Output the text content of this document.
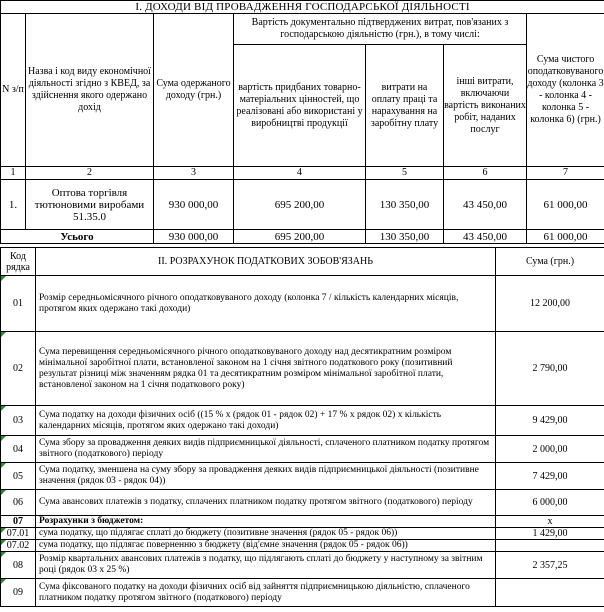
І. ДОХОДИ ВІД ПРОВАДЖЕННЯ ГОСПОДАРСЬКОЇ ДІЯЛЬНОСТІ						
N з/п	Назва і код виду економічної діяльності згідно з КВЕД, за здійснення якого одержано дохід	Сума одержаного доходу (грн.)	Вартість документально підтверджених витрат, пов'язаних з господарською діяльністю (грн.), в тому числі:			Сума чистого оподатковуваного доходу (колонка 3 - колонка 4 - колонка 5 - колонка 6) (грн.)
			вартість придбаних товарно-матеріальних цінностей, що реалізовані або використані у виробництві продукції	витрати на оплату праці та нарахування на заробітну плату	інші витрати, включаючи вартість виконаних робіт, наданих послуг	
1	2	3	4	5	6	7
1.	Оптова торгівля тютюновими виробами 51.35.0	930 000,00	695 200,00	130 350,00	43 450,00	61 000,00
Усього		930 000,00	695 200,00	130 350,00	43 450,00	61 000,00
Код рядка	ІІ. РОЗРАХУНОК ПОДАТКОВИХ ЗОБОВ'ЯЗАНЬ	Сума (грн.)

01	Розмір середньомісячного річного оподатковуваного доходу (колонка 7 / кількість календарних місяців, протягом яких одержано такі доходи)	12 200,00

02	Сума перевищення середньомісячного річного оподатковуваного доходу над десятикратним розміром мінімальної заробітної плати, встановленої законом на 1 січня звітного податкового року (позитивний результат різниці між значенням рядка 01 та десятикратним розміром мінімальної заробітної плати, встановленої законом на 1 січня податкового року)	2 790,00

03	Сума податку на доходи фізичних осіб ((15 % х (рядок 01 - рядок 02) + 17 % х рядок 02) х кількість календарних місяців, протягом яких одержано такі доходи)	9 429,00

04	Сума збору за провадження деяких видів підприємницької діяльності, сплаченого платником податку протягом звітного (податкового) періоду	2 000,00

05	Сума податку, зменшена на суму збору за провадження деяких видів підприємницької діяльності (позитивне значення (рядок 03 - рядок 04))	7 429,00

06	Сума авансових платежів з податку, сплачених платником податку протягом звітного (податкового) періоду	6 000,00
07	Розрахунки з бюджетом:	x

07.01	сума податку, що підлягає сплаті до бюджету (позитивне значення (рядок 05 - рядок 06))	1 429,00

07.02	сума податку, що підлягає поверненню з бюджету (від'ємне значення (рядок 05 - рядок 06))	

08	Розмір квартальних авансових платежів з податку, що підлягають сплаті до бюджету у наступному за звітним році (рядок 03 х 25 %)	2 357,25

09	Сума фіксованого податку на доходи фізичних осіб від зайняття підприємницькою діяльністю, сплаченого платником податку протягом звітного (податкового) періоду	
